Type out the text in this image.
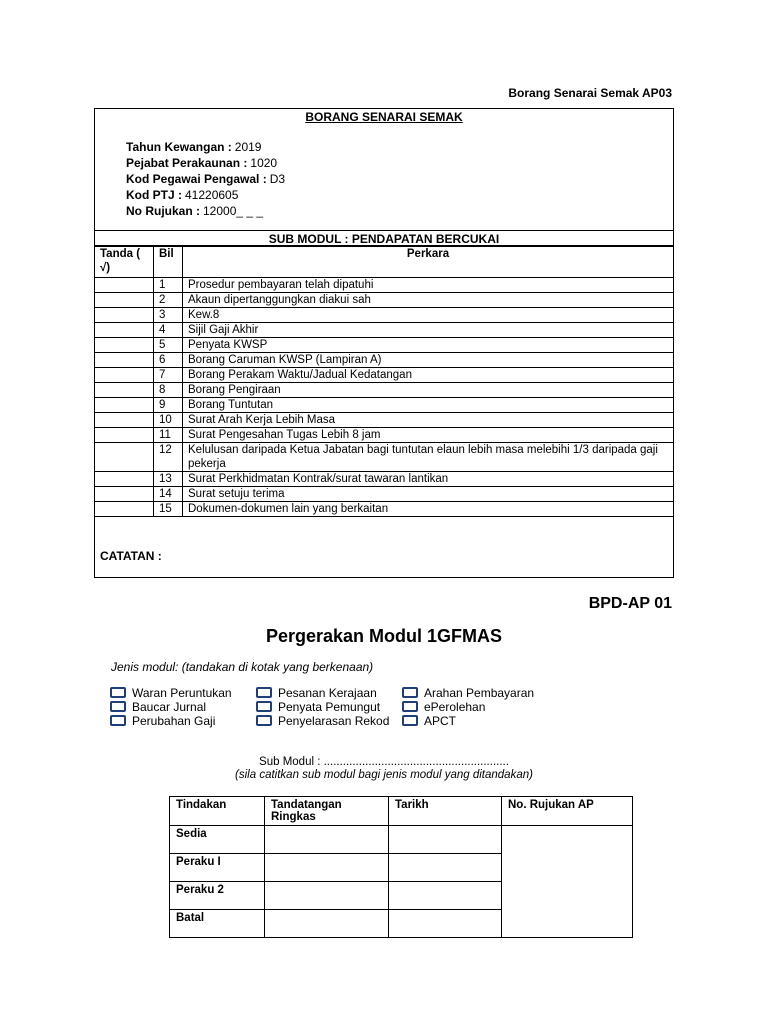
Borang Senarai Semak AP03
BORANG SENARAI SEMAK
Tahun Kewangan : 2019
Pejabat Perakaunan : 1020
Kod Pegawai Pengawal : D3
Kod PTJ : 41220605
No Rujukan : 12000_ _ _
SUB MODUL : PENDAPATAN BERCUKAI
Tanda ( √)	Bil	Perkara
	1	Prosedur pembayaran telah dipatuhi
	2	Akaun dipertanggungkan diakui sah
	3	Kew.8
	4	Sijil Gaji Akhir
	5	Penyata KWSP
	6	Borang Caruman KWSP (Lampiran A)
	7	Borang Perakam Waktu/Jadual Kedatangan
	8	Borang Pengiraan
	9	Borang Tuntutan
	10	Surat Arah Kerja Lebih Masa
	11	Surat Pengesahan Tugas Lebih 8 jam
	12	Kelulusan daripada Ketua Jabatan bagi tuntutan elaun lebih masa melebihi 1/3 daripada gaji pekerja
	13	Surat Perkhidmatan Kontrak/surat tawaran lantikan
	14	Surat setuju terima
	15	Dokumen-dokumen lain yang berkaitan
CATATAN :
BPD-AP 01
Pergerakan Modul 1GFMAS
Jenis modul: (tandakan di kotak yang berkenaan)
Waran Peruntukan
Baucar Jurnal
Perubahan Gaji
Pesanan Kerajaan
Penyata Pemungut
Penyelarasan Rekod
Arahan Pembayaran
ePerolehan
APCT
Sub Modul : ..........................................................
(sila catitkan sub modul bagi jenis modul yang ditandakan)
Tindakan	Tandatangan Ringkas	Tarikh	No. Rujukan AP
Sedia			
Peraku I			
Peraku 2			
Batal			
